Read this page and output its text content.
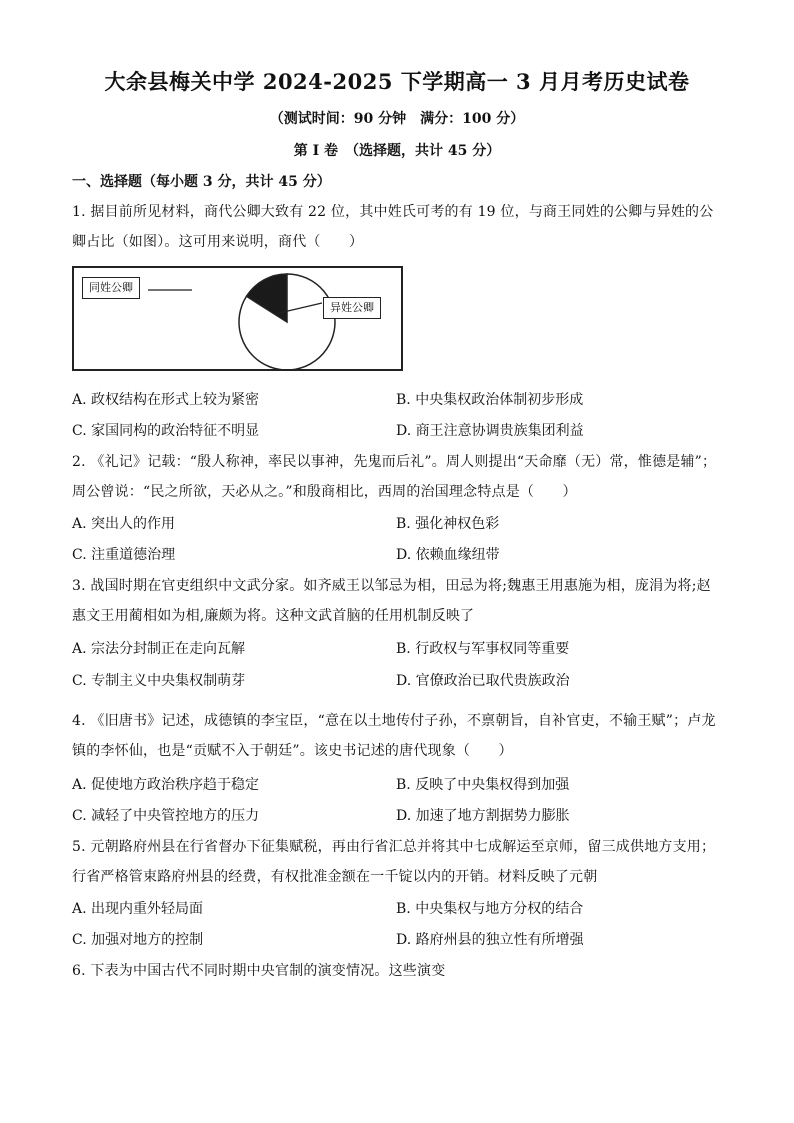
大余县梅关中学 2024-2025 下学期高一 3 月月考历史试卷
（测试时间：90 分钟　满分：100 分）
第 I 卷　（选择题，共计 45 分）
一、选择题（每小题 3 分，共计 45 分）
1. 据目前所见材料，商代公卿大致有 22 位，其中姓氏可考的有 19 位，与商王同姓的公卿与异姓的公卿占比（如图）。这可用来说明，商代（　　）
同姓公卿
异姓公卿
A. 政权结构在形式上较为紧密	B. 中央集权政治体制初步形成
C. 家国同构的政治特征不明显	D. 商王注意协调贵族集团利益
2. 《礼记》记载：“殷人称神，率民以事神，先鬼而后礼”。周人则提出“天命靡（无）常，惟德是辅”；周公曾说：“民之所欲，天必从之。”和殷商相比，西周的治国理念特点是（　　）
A. 突出人的作用	B. 强化神权色彩
C. 注重道德治理	D. 依赖血缘纽带
3. 战国时期在官吏组织中文武分家。如齐威王以邹忌为相，田忌为将;魏惠王用惠施为相，庞涓为将;赵惠文王用蔺相如为相,廉颇为将。这种文武首脑的任用机制反映了
A. 宗法分封制正在走向瓦解	B. 行政权与军事权同等重要
C. 专制主义中央集权制萌芽	D. 官僚政治已取代贵族政治
4. 《旧唐书》记述，成德镇的李宝臣，“意在以土地传付子孙，不禀朝旨，自补官吏，不输王赋”；卢龙镇的李怀仙，也是“贡赋不入于朝廷”。该史书记述的唐代现象（　　）
A. 促使地方政治秩序趋于稳定	B. 反映了中央集权得到加强
C. 减轻了中央管控地方的压力	D. 加速了地方割据势力膨胀
5. 元朝路府州县在行省督办下征集赋税，再由行省汇总并将其中七成解运至京师，留三成供地方支用；行省严格管束路府州县的经费，有权批准金额在一千锭以内的开销。材料反映了元朝
A. 出现内重外轻局面	B. 中央集权与地方分权的结合
C. 加强对地方的控制	D. 路府州县的独立性有所增强
6. 下表为中国古代不同时期中央官制的演变情况。这些演变
